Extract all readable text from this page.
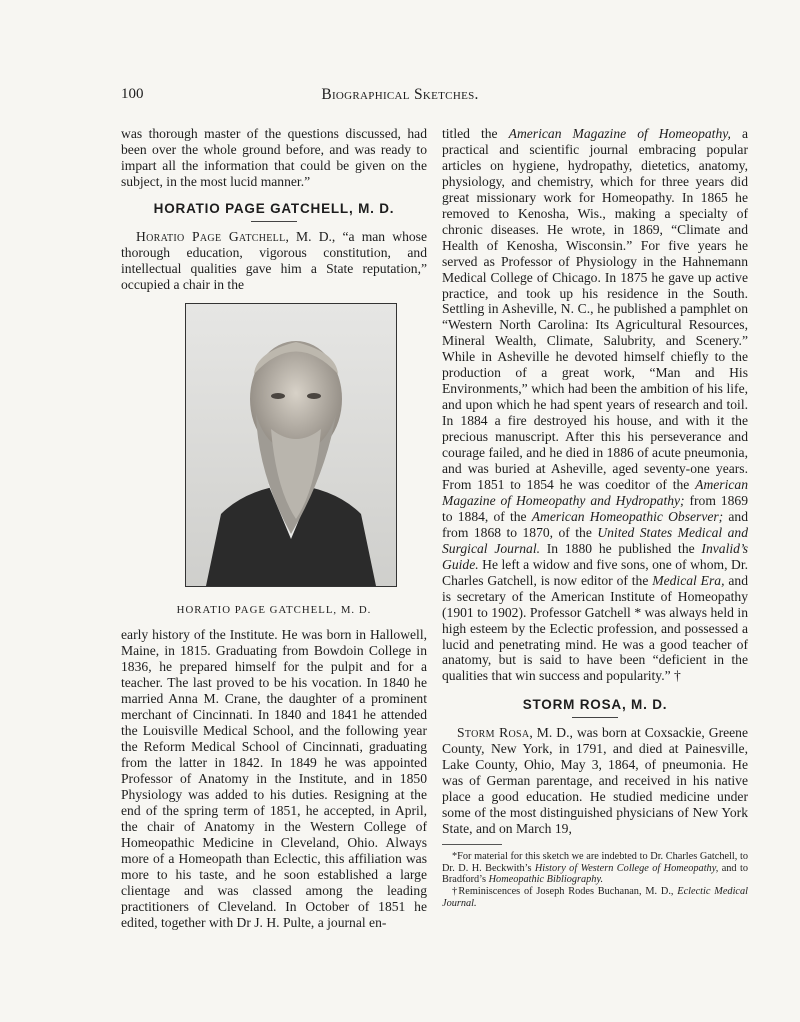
100	Biographical Sketches.

was thorough master of the questions discussed, had been over the whole ground before, and was ready to impart all the information that could be given on the subject, in the most lucid manner.”

HORATIO PAGE GATCHELL, M. D.

Horatio Page Gatchell, M. D., “a man whose thorough education, vigorous constitution, and intellectual qualities gave him a State reputation,” occupied a chair in the

HORATIO PAGE GATCHELL, M. D.

early history of the Institute. He was born in Hallowell, Maine, in 1815. Graduating from Bowdoin College in 1836, he prepared himself for the pulpit and for a teacher. The last proved to be his vocation. In 1840 he married Anna M. Crane, the daughter of a prominent merchant of Cincinnati. In 1840 and 1841 he attended the Louisville Medical School, and the following year the Reform Medical School of Cincinnati, graduating from the latter in 1842. In 1849 he was appointed Professor of Anatomy in the Institute, and in 1850 Physiology was added to his duties. Resigning at the end of the spring term of 1851, he accepted, in April, the chair of Anatomy in the Western College of Homeopathic Medicine in Cleveland, Ohio. Always more of a Homeopath than Eclectic, this affiliation was more to his taste, and he soon established a large clientage and was classed among the leading practitioners of Cleveland. In October of 1851 he edited, together with Dr J. H. Pulte, a journal en-

titled the American Magazine of Homeopathy, a practical and scientific journal embracing popular articles on hygiene, hydropathy, dietetics, anatomy, physiology, and chemistry, which for three years did great missionary work for Homeopathy. In 1865 he removed to Kenosha, Wis., making a specialty of chronic diseases. He wrote, in 1869, “Climate and Health of Kenosha, Wisconsin.” For five years he served as Professor of Physiology in the Hahnemann Medical College of Chicago. In 1875 he gave up active practice, and took up his residence in the South. Settling in Asheville, N. C., he published a pamphlet on “Western North Carolina: Its Agricultural Resources, Mineral Wealth, Climate, Salubrity, and Scenery.” While in Asheville he devoted himself chiefly to the production of a great work, “Man and His Environments,” which had been the ambition of his life, and upon which he had spent years of research and toil. In 1884 a fire destroyed his house, and with it the precious manuscript. After this his perseverance and courage failed, and he died in 1886 of acute pneumonia, and was buried at Asheville, aged seventy-one years. From 1851 to 1854 he was coeditor of the American Magazine of Homeopathy and Hydropathy; from 1869 to 1884, of the American Homeopathic Observer; and from 1868 to 1870, of the United States Medical and Surgical Journal. In 1880 he published the Invalid’s Guide. He left a widow and five sons, one of whom, Dr. Charles Gatchell, is now editor of the Medical Era, and is secretary of the American Institute of Homeopathy (1901 to 1902). Professor Gatchell * was always held in high esteem by the Eclectic profession, and possessed a lucid and penetrating mind. He was a good teacher of anatomy, but is said to have been “deficient in the qualities that win success and popularity.” †

STORM ROSA, M. D.

Storm Rosa, M. D., was born at Coxsackie, Greene County, New York, in 1791, and died at Painesville, Lake County, Ohio, May 3, 1864, of pneumonia. He was of German parentage, and received in his native place a good education. He studied medicine under some of the most distinguished physicians of New York State, and on March 19,

*For material for this sketch we are indebted to Dr. Charles Gatchell, to Dr. D. H. Beckwith’s History of Western College of Homeopathy, and to Bradford’s Homeopathic Bibliography.

†Reminiscences of Joseph Rodes Buchanan, M. D., Eclectic Medical Journal.
